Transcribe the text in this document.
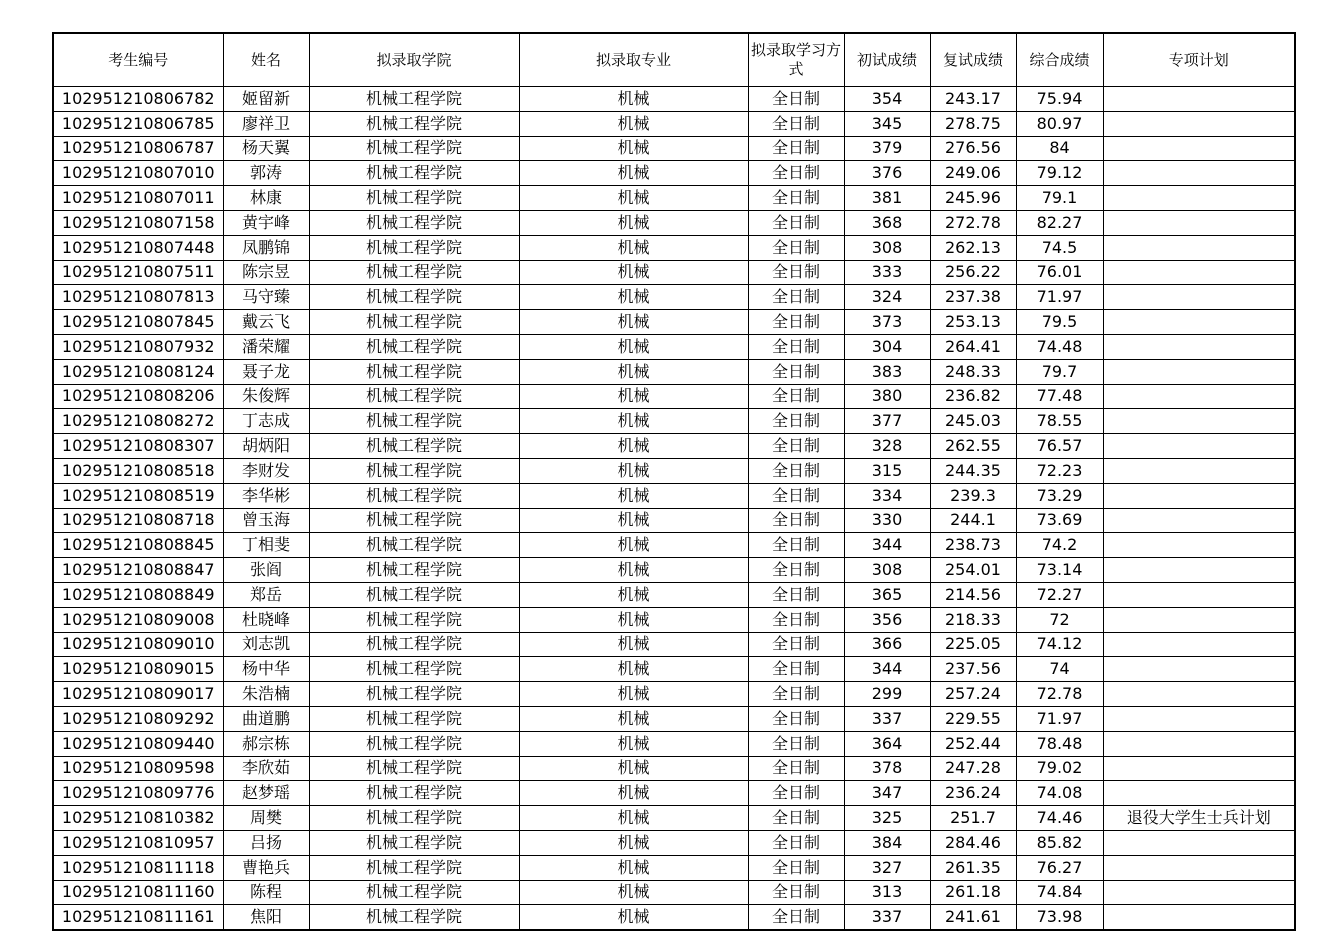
考生编号	姓名	拟录取学院	拟录取专业	拟录取学习方式	初试成绩	复试成绩	综合成绩	专项计划
102951210806782	姬留新	机械工程学院	机械	全日制	354	243.17	75.94	
102951210806785	廖祥卫	机械工程学院	机械	全日制	345	278.75	80.97	
102951210806787	杨天翼	机械工程学院	机械	全日制	379	276.56	84	
102951210807010	郭涛	机械工程学院	机械	全日制	376	249.06	79.12	
102951210807011	林康	机械工程学院	机械	全日制	381	245.96	79.1	
102951210807158	黄宇峰	机械工程学院	机械	全日制	368	272.78	82.27	
102951210807448	凤鹏锦	机械工程学院	机械	全日制	308	262.13	74.5	
102951210807511	陈宗昱	机械工程学院	机械	全日制	333	256.22	76.01	
102951210807813	马守臻	机械工程学院	机械	全日制	324	237.38	71.97	
102951210807845	戴云飞	机械工程学院	机械	全日制	373	253.13	79.5	
102951210807932	潘荣耀	机械工程学院	机械	全日制	304	264.41	74.48	
102951210808124	聂子龙	机械工程学院	机械	全日制	383	248.33	79.7	
102951210808206	朱俊辉	机械工程学院	机械	全日制	380	236.82	77.48	
102951210808272	丁志成	机械工程学院	机械	全日制	377	245.03	78.55	
102951210808307	胡炳阳	机械工程学院	机械	全日制	328	262.55	76.57	
102951210808518	李财发	机械工程学院	机械	全日制	315	244.35	72.23	
102951210808519	李华彬	机械工程学院	机械	全日制	334	239.3	73.29	
102951210808718	曾玉海	机械工程学院	机械	全日制	330	244.1	73.69	
102951210808845	丁相斐	机械工程学院	机械	全日制	344	238.73	74.2	
102951210808847	张阎	机械工程学院	机械	全日制	308	254.01	73.14	
102951210808849	郑岳	机械工程学院	机械	全日制	365	214.56	72.27	
102951210809008	杜晓峰	机械工程学院	机械	全日制	356	218.33	72	
102951210809010	刘志凯	机械工程学院	机械	全日制	366	225.05	74.12	
102951210809015	杨中华	机械工程学院	机械	全日制	344	237.56	74	
102951210809017	朱浩楠	机械工程学院	机械	全日制	299	257.24	72.78	
102951210809292	曲道鹏	机械工程学院	机械	全日制	337	229.55	71.97	
102951210809440	郝宗栋	机械工程学院	机械	全日制	364	252.44	78.48	
102951210809598	李欣茹	机械工程学院	机械	全日制	378	247.28	79.02	
102951210809776	赵梦瑶	机械工程学院	机械	全日制	347	236.24	74.08	
102951210810382	周樊	机械工程学院	机械	全日制	325	251.7	74.46	退役大学生士兵计划
102951210810957	吕扬	机械工程学院	机械	全日制	384	284.46	85.82	
102951210811118	曹艳兵	机械工程学院	机械	全日制	327	261.35	76.27	
102951210811160	陈程	机械工程学院	机械	全日制	313	261.18	74.84	
102951210811161	焦阳	机械工程学院	机械	全日制	337	241.61	73.98	
